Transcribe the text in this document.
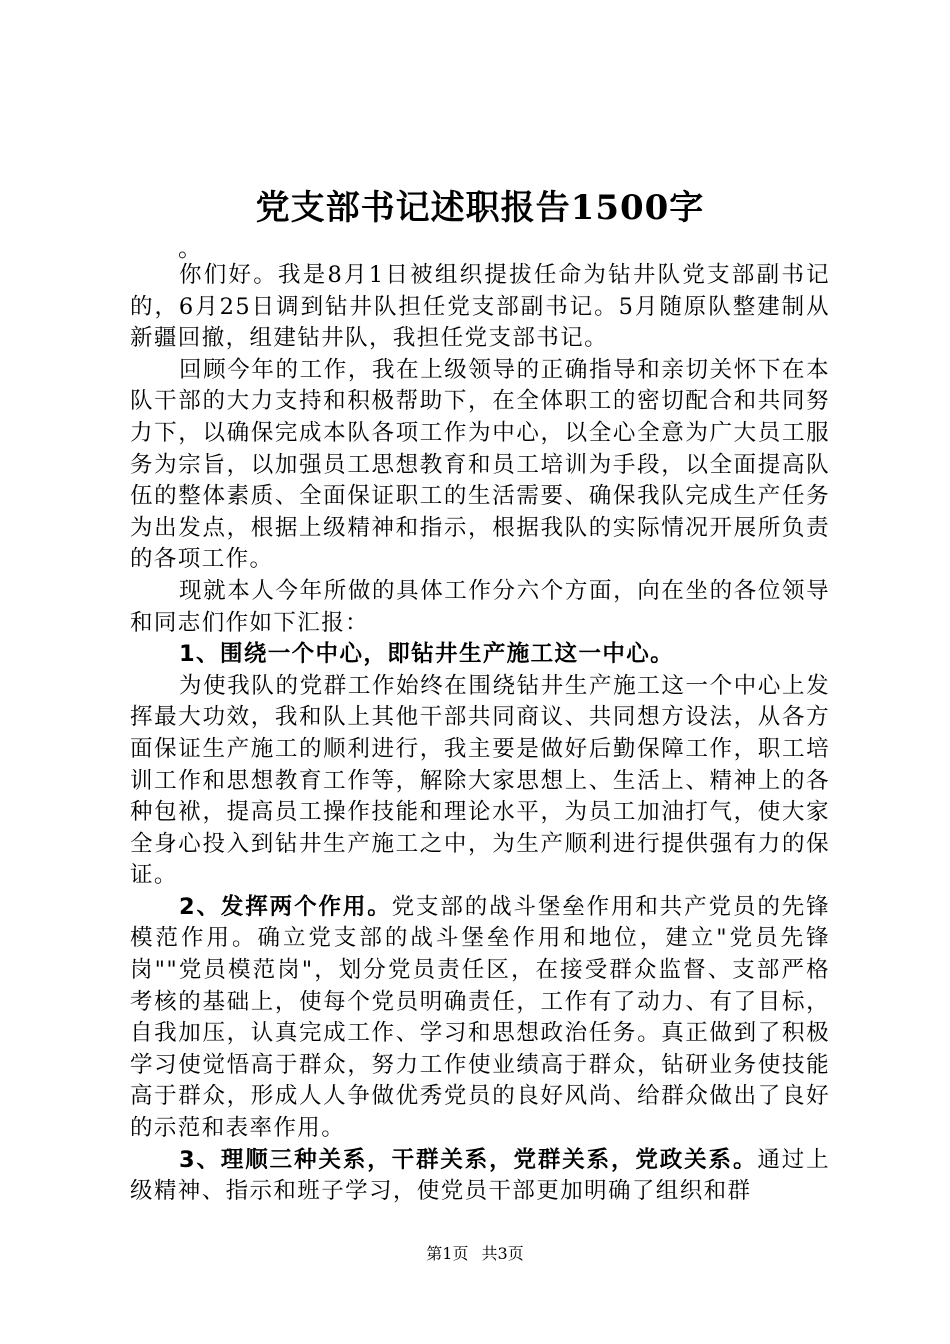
党支部书记述职报告1500字

。

你们好。我是8月1日被组织提拔任命为钻井队党支部副书记的，6月25日调到钻井队担任党支部副书记。5月随原队整建制从新疆回撤，组建钻井队，我担任党支部书记。

回顾今年的工作，我在上级领导的正确指导和亲切关怀下在本队干部的大力支持和积极帮助下，在全体职工的密切配合和共同努力下，以确保完成本队各项工作为中心，以全心全意为广大员工服务为宗旨，以加强员工思想教育和员工培训为手段，以全面提高队伍的整体素质、全面保证职工的生活需要、确保我队完成生产任务为出发点，根据上级精神和指示，根据我队的实际情况开展所负责的各项工作。

现就本人今年所做的具体工作分六个方面，向在坐的各位领导和同志们作如下汇报：

1、围绕一个中心，即钻井生产施工这一中心。

为使我队的党群工作始终在围绕钻井生产施工这一个中心上发挥最大功效，我和队上其他干部共同商议、共同想方设法，从各方面保证生产施工的顺利进行，我主要是做好后勤保障工作，职工培训工作和思想教育工作等，解除大家思想上、生活上、精神上的各种包袱，提高员工操作技能和理论水平，为员工加油打气，使大家全身心投入到钻井生产施工之中，为生产顺利进行提供强有力的保证。

2、发挥两个作用。党支部的战斗堡垒作用和共产党员的先锋模范作用。确立党支部的战斗堡垒作用和地位，建立"党员先锋岗""党员模范岗"，划分党员责任区，在接受群众监督、支部严格考核的基础上，使每个党员明确责任，工作有了动力、有了目标，自我加压，认真完成工作、学习和思想政治任务。真正做到了积极学习使觉悟高于群众，努力工作使业绩高于群众，钻研业务使技能高于群众，形成人人争做优秀党员的良好风尚、给群众做出了良好的示范和表率作用。

3、理顺三种关系，干群关系，党群关系，党政关系。通过上级精神、指示和班子学习，使党员干部更加明确了组织和群

第1页 共3页
